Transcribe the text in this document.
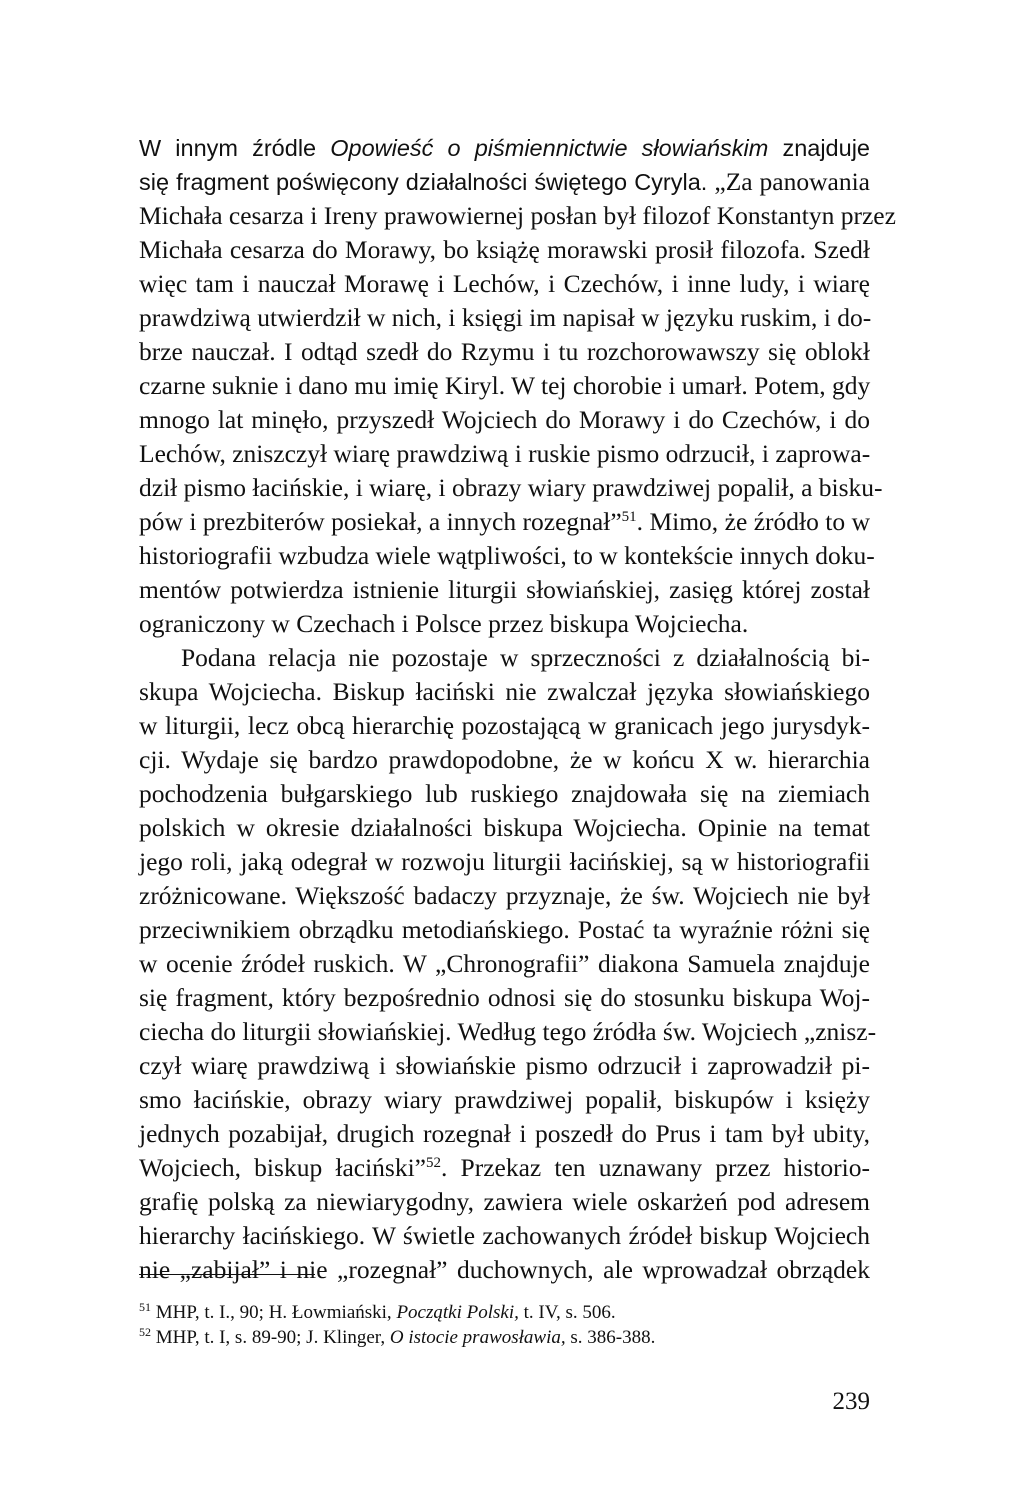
W innym źródle Opowieść o piśmiennictwie słowiańskim znajduje
się fragment poświęcony działalności świętego Cyryla. „Za panowania
Michała cesarza i Ireny prawowiernej posłan był filozof Konstantyn przez
Michała cesarza do Morawy, bo książę morawski prosił filozofa. Szedł
więc tam i nauczał Morawę i Lechów, i Czechów, i inne ludy, i wiarę
prawdziwą utwierdził w nich, i księgi im napisał w języku ruskim, i do-
brze nauczał. I odtąd szedł do Rzymu i tu rozchorowawszy się oblokł
czarne suknie i dano mu imię Kiryl. W tej chorobie i umarł. Potem, gdy
mnogo lat minęło, przyszedł Wojciech do Morawy i do Czechów, i do
Lechów, zniszczył wiarę prawdziwą i ruskie pismo odrzucił, i zaprowa-
dził pismo łacińskie, i wiarę, i obrazy wiary prawdziwej popalił, a bisku-
pów i prezbiterów posiekał, a innych rozegnał”$^{51}$. Mimo, że źródło to w
historiografii wzbudza wiele wątpliwości, to w kontekście innych doku-
mentów potwierdza istnienie liturgii słowiańskiej, zasięg której został
ograniczony w Czechach i Polsce przez biskupa Wojciecha.
Podana relacja nie pozostaje w sprzeczności z działalnością bi-
skupa Wojciecha. Biskup łaciński nie zwalczał języka słowiańskiego
w liturgii, lecz obcą hierarchię pozostającą w granicach jego jurysdyk-
cji. Wydaje się bardzo prawdopodobne, że w końcu X w. hierarchia
pochodzenia bułgarskiego lub ruskiego znajdowała się na ziemiach
polskich w okresie działalności biskupa Wojciecha. Opinie na temat
jego roli, jaką odegrał w rozwoju liturgii łacińskiej, są w historiografii
zróżnicowane. Większość badaczy przyznaje, że św. Wojciech nie był
przeciwnikiem obrządku metodiańskiego. Postać ta wyraźnie różni się
w ocenie źródeł ruskich. W „Chronografii” diakona Samuela znajduje
się fragment, który bezpośrednio odnosi się do stosunku biskupa Woj-
ciecha do liturgii słowiańskiej. Według tego źródła św. Wojciech „znisz-
czył wiarę prawdziwą i słowiańskie pismo odrzucił i zaprowadził pi-
smo łacińskie, obrazy wiary prawdziwej popalił, biskupów i księży
jednych pozabijał, drugich rozegnał i poszedł do Prus i tam był ubity,
Wojciech, biskup łaciński”$^{52}$. Przekaz ten uznawany przez historio-
grafię polską za niewiarygodny, zawiera wiele oskarżeń pod adresem
hierarchy łacińskiego. W świetle zachowanych źródeł biskup Wojciech
nie „zabijał” i nie „rozegnał” duchownych, ale wprowadzał obrządek
$^{51}$ MHP, t. I., 90; H. Łowmiański, Początki Polski, t. IV, s. 506.
$^{52}$ MHP, t. I, s. 89-90; J. Klinger, O istocie prawosławia, s. 386-388.
239
